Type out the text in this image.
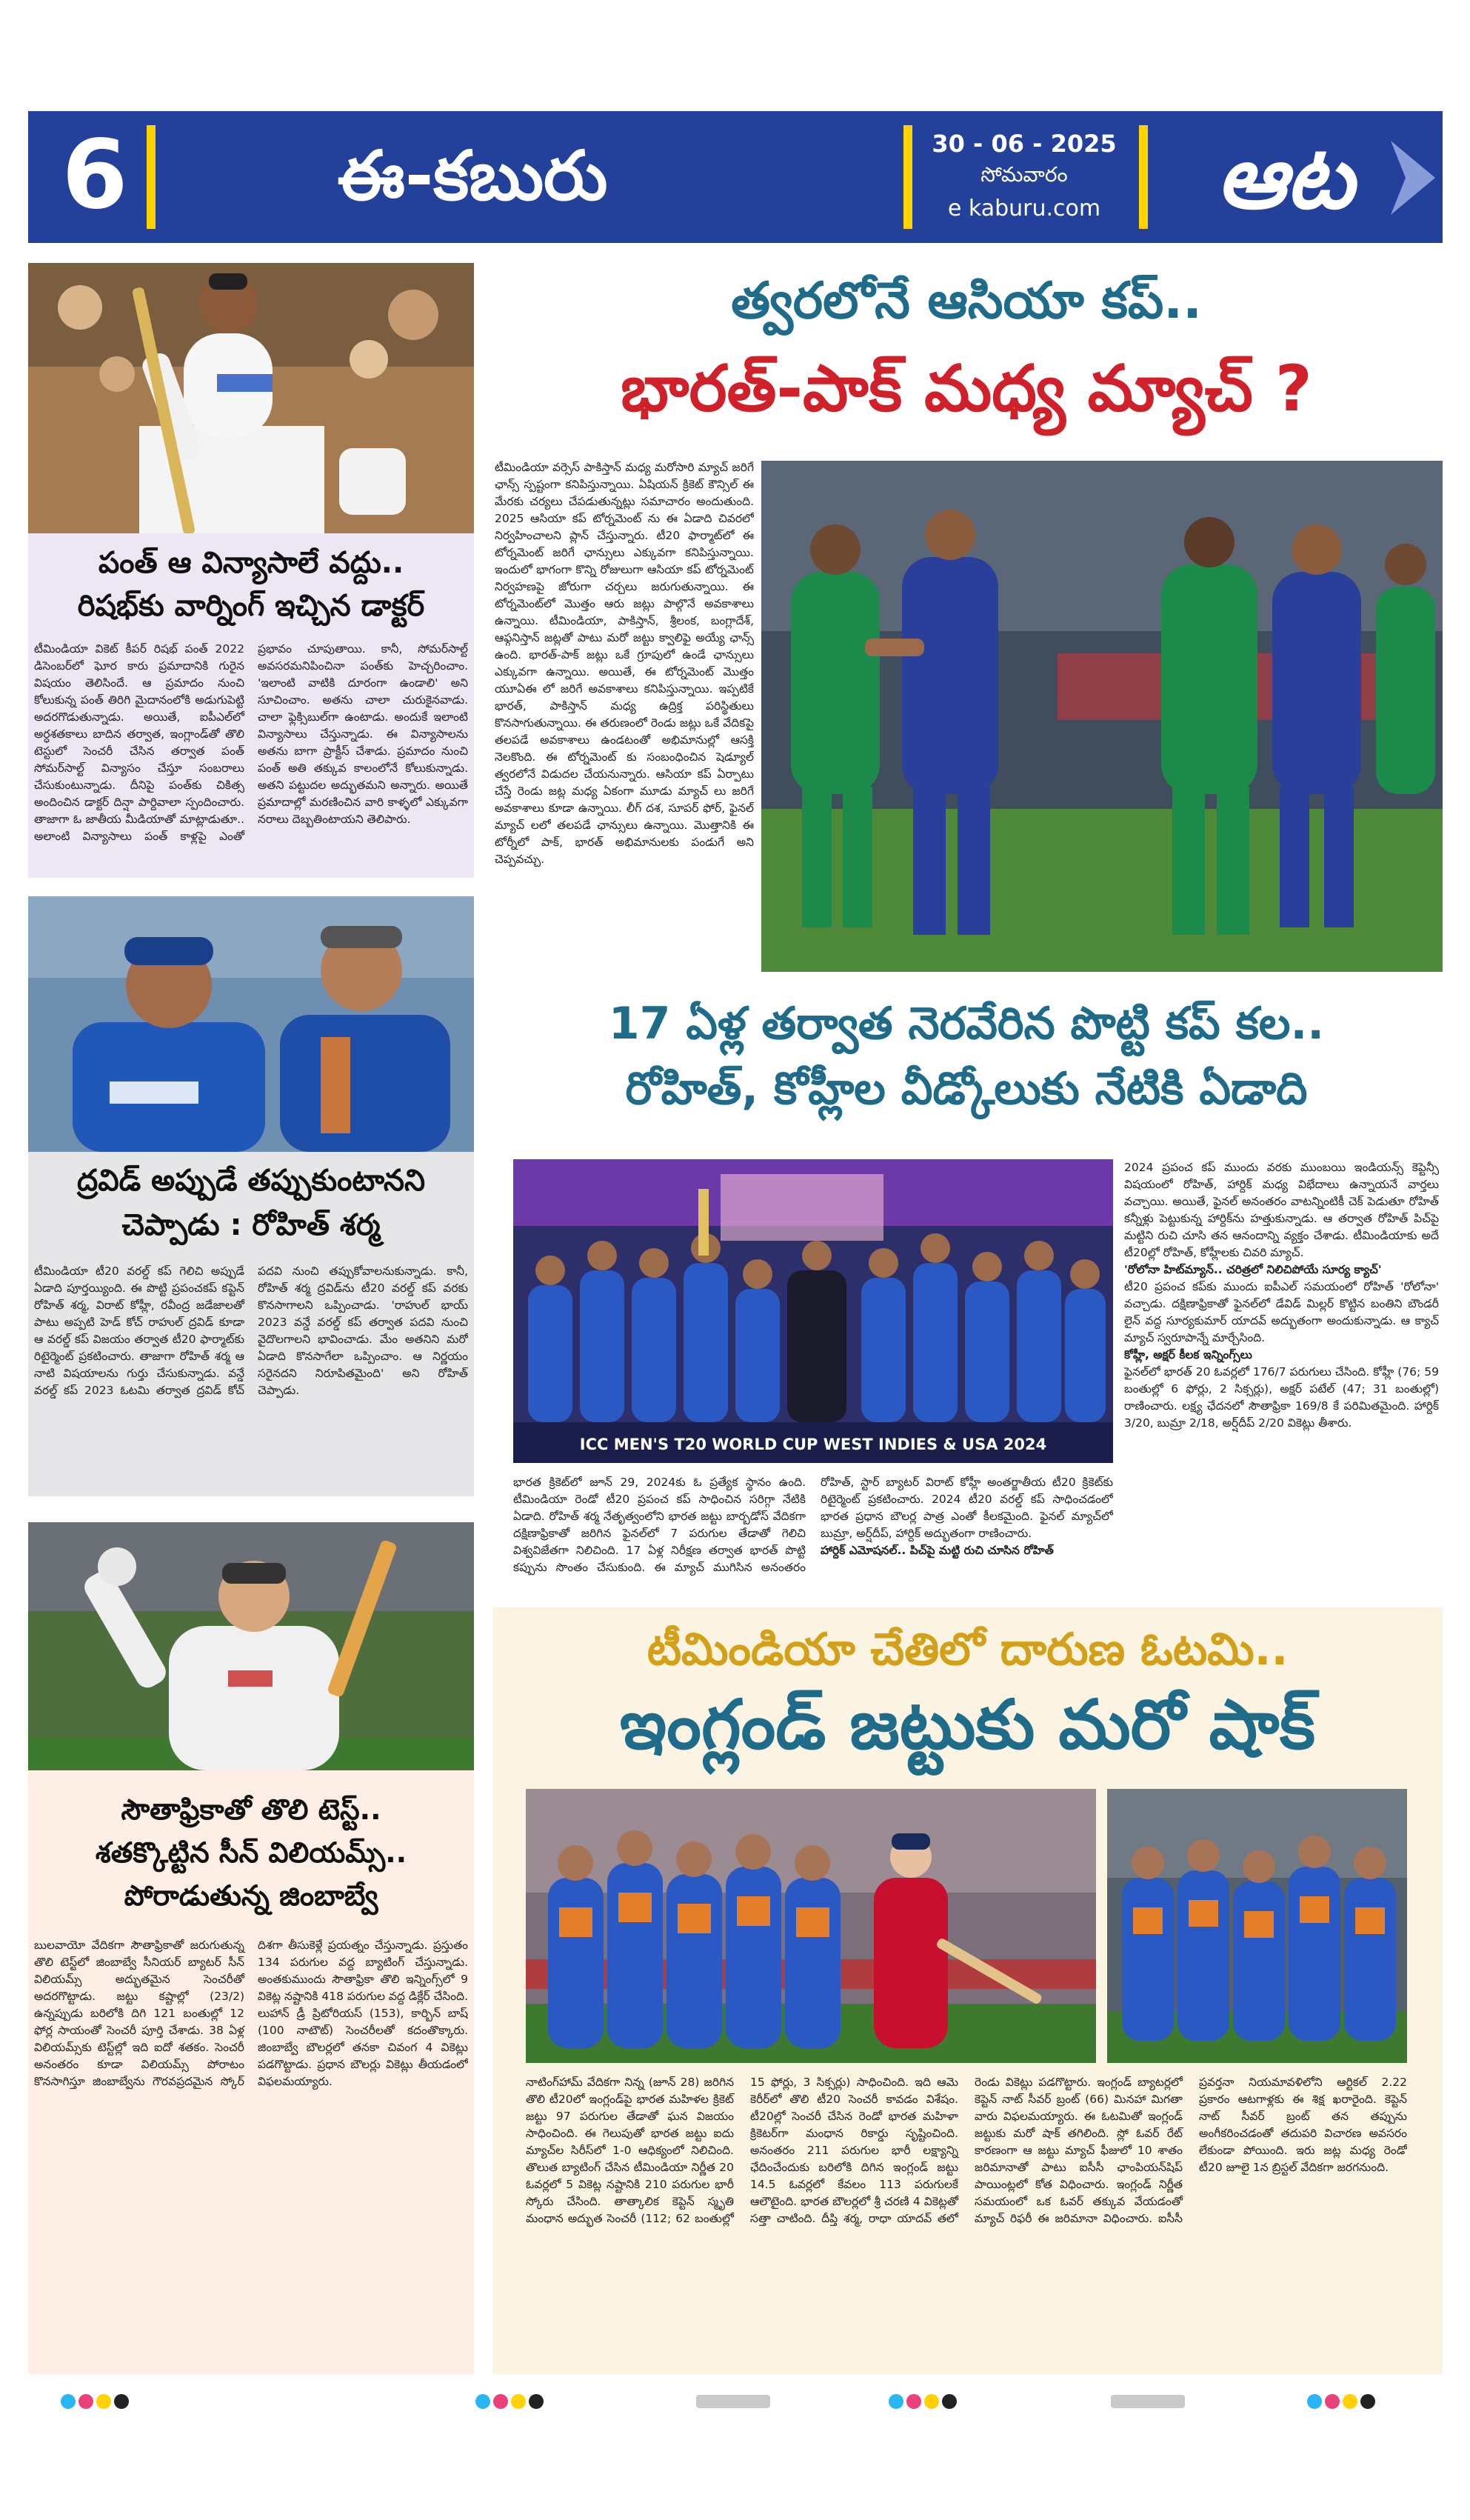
6	ఈ-కబురు	30 - 06 - 2025
సోమవారం
e kaburu.com	ఆట
పంత్ ఆ విన్యాసాలే వద్దు..
రిషభ్‌కు వార్నింగ్ ఇచ్చిన డాక్టర్
టీమిండియా వికెట్ కీపర్ రిషభ్ పంత్ 2022 డిసెంబర్‌లో ఘోర కారు ప్రమాదానికి గురైన విషయం తెలిసిందే. ఆ ప్రమాదం నుంచి కోలుకున్న పంత్ తిరిగి మైదానంలోకి అడుగుపెట్టి అదరగొడుతున్నాడు. అయితే, ఐపీఎల్‌లో అర్ధశతకాలు బాదిన తర్వాత, ఇంగ్లాండ్‌తో తొలి టెస్టులో సెంచరీ చేసిన తర్వాత పంత్ సోమర్‌సాల్ట్ విన్యాసం చేస్తూ సంబరాలు చేసుకుంటున్నాడు. దీనిపై పంత్‌కు చికిత్స అందించిన డాక్టర్ దిన్షా పార్దివాలా స్పందించారు. తాజాగా ఓ జాతీయ మీడియాతో మాట్లాడుతూ.. అలాంటి విన్యాసాలు పంత్ కాళ్లపై ఎంతో ప్రభావం చూపుతాయి. కానీ, సోమర్‌సాల్ట్ అవసరమనిపించినా పంత్‌కు హెచ్చరించాం. 'ఇలాంటి వాటికి దూరంగా ఉండాలి' అని సూచించాం. అతను చాలా చురుకైనవాడు. చాలా ఫ్లెక్సిబుల్‌గా ఉంటాడు. అందుకే ఇలాంటి విన్యాసాలు చేస్తున్నాడు. ఈ విన్యాసాలను అతను బాగా ప్రాక్టీస్ చేశాడు. ప్రమాదం నుంచి పంత్ అతి తక్కువ కాలంలోనే కోలుకున్నాడు. అతని పట్టుదల అద్భుతమని అన్నారు. అయితే ప్రమాదాల్లో మరణించిన వారి కాళ్ళలో ఎక్కువగా నరాలు దెబ్బతింటాయని తెలిపారు.
ద్రవిడ్ అప్పుడే తప్పుకుంటానని
చెప్పాడు : రోహిత్ శర్మ
టీమిండియా టీ20 వరల్డ్ కప్ గెలిచి అప్పుడే ఏడాది పూర్తయ్యింది. ఈ పొట్టి ప్రపంచకప్ కప్టెన్ రోహిత్ శర్మ, విరాట్ కోహ్లీ, రవీంద్ర జడేజాలతో పాటు అప్పటి హెడ్ కోచ్ రాహుల్ ద్రవిడ్ కూడా ఆ వరల్డ్ కప్ విజయం తర్వాత టీ20 ఫార్మాట్‌కు రిటైర్మెంట్ ప్రకటించారు. తాజాగా రోహిత్ శర్మ ఆ నాటి విషయాలను గుర్తు చేసుకున్నాడు. వన్డే వరల్డ్ కప్ 2023 ఓటమి తర్వాత ద్రవిడ్ కోచ్ పదవి నుంచి తప్పుకోవాలనుకున్నాడు. కానీ, రోహిత్ శర్మ ద్రవిడ్‌ను టీ20 వరల్డ్ కప్ వరకు కొనసాగాలని ఒప్పించాడు. 'రాహుల్ భాయ్ 2023 వన్డే వరల్డ్ కప్ తర్వాత పదవి నుంచి వైదొలగాలని భావించాడు. మేం అతనిని మరో ఏడాది కొనసాగేలా ఒప్పించాం. ఆ నిర్ణయం సరైనదని నిరూపితమైంది' అని రోహిత్ చెప్పాడు.
సౌతాఫ్రికాతో తొలి టెస్ట్..
శతక్కొట్టిన సీన్ విలియమ్స్..
పోరాడుతున్న జింబాబ్వే
బులవాయో వేదికగా సౌతాఫ్రికాతో జరుగుతున్న తొలి టెస్ట్‌లో జింబాబ్వే సీనియర్ బ్యాటర్ సీన్ విలియమ్స్ అద్భుతమైన సెంచరీతో అదరగొట్టాడు. జట్టు కష్టాల్లో (23/2) ఉన్నప్పుడు బరిలోకి దిగి 121 బంతుల్లో 12 ఫోర్ల సాయంతో సెంచరీ పూర్తి చేశాడు. 38 ఏళ్ల విలియమ్స్‌కు టెస్ట్‌ల్లో ఇది ఐదో శతకం. సెంచరీ అనంతరం కూడా విలియమ్స్ పోరాటం కొనసాగిస్తూ జింబాబ్వేను గౌరవప్రదమైన స్కోర్ దిశగా తీసుకెళ్లే ప్రయత్నం చేస్తున్నాడు. ప్రస్తుతం 134 పరుగుల వద్ద బ్యాటింగ్ చేస్తున్నాడు. అంతకుముందు సౌతాఫ్రికా తొలి ఇన్నింగ్స్‌లో 9 వికెట్ల నష్టానికి 418 పరుగుల వద్ద డిక్లేర్ చేసింది. లుహాన్ డ్రీ ప్రిటోరియస్ (153), కార్బిన్ బాష్ (100 నాటౌట్) సెంచరీలతో కదంతొక్కారు. జింబాబ్వే బౌలర్లలో తనకా చివంగ 4 వికెట్లు పడగొట్టాడు. ప్రధాన బౌలర్లు వికెట్లు తీయడంలో విఫలమయ్యారు.
త్వరలోనే ఆసియా కప్..
భారత్-పాక్ మధ్య మ్యాచ్ ?
టీమిండియా వర్సెస్ పాకిస్తాన్ మధ్య మరోసారి మ్యాచ్ జరిగే ఛాన్స్ స్పష్టంగా కనిపిస్తున్నాయి. ఏషియన్ క్రికెట్ కౌన్సిల్ ఈ మేరకు చర్యలు చేపడుతున్నట్లు సమాచారం అందుతుంది. 2025 ఆసియా కప్ టోర్నమెంట్ ను ఈ ఏడాది చివరలో నిర్వహించాలని ప్లాన్ చేస్తున్నారు. టీ20 ఫార్మాట్‌లో ఈ టోర్నమెంట్ జరిగే ఛాన్సులు ఎక్కువగా కనిపిస్తున్నాయి. ఇందులో భాగంగా కొన్ని రోజులుగా ఆసియా కప్ టోర్నమెంట్ నిర్వహణపై జోరుగా చర్చలు జరుగుతున్నాయి. ఈ టోర్నమెంట్‌లో మొత్తం ఆరు జట్లు పాల్గొనే అవకాశాలు ఉన్నాయి. టీమిండియా, పాకిస్తాన్, శ్రీలంక, బంగ్లాదేశ్, ఆఫ్గనిస్తాన్ జట్లతో పాటు మరో జట్టు క్వాలిఫై అయ్యే ఛాన్స్ ఉంది. భారత్-పాక్ జట్లు ఒకే గ్రూపులో ఉండే ఛాన్సులు ఎక్కువగా ఉన్నాయి. అయితే, ఈ టోర్నమెంట్ మొత్తం యూఏఈ లో జరిగే అవకాశాలు కనిపిస్తున్నాయి. ఇప్పటికే భారత్, పాకిస్తాన్ మధ్య ఉద్రిక్త పరిస్థితులు కొనసాగుతున్నాయి. ఈ తరుణంలో రెండు జట్లు ఒకే వేదికపై తలపడే అవకాశాలు ఉండటంతో అభిమానుల్లో ఆసక్తి నెలకొంది. ఈ టోర్నమెంట్ కు సంబంధించిన షెడ్యూల్ త్వరలోనే విడుదల చేయనున్నారు. ఆసియా కప్ ఏర్పాటు చేస్తే రెండు జట్ల మధ్య ఏకంగా మూడు మ్యాచ్ లు జరిగే అవకాశాలు కూడా ఉన్నాయి. లీగ్ దశ, సూపర్ ఫోర్, ఫైనల్ మ్యాచ్ లలో తలపడే ఛాన్సులు ఉన్నాయి. మొత్తానికి ఈ టోర్నీలో పాక్, భారత్ అభిమానులకు పండుగే అని చెప్పవచ్చు.
17 ఏళ్ల తర్వాత నెరవేరిన పొట్టి కప్ కల..
రోహిత్, కోహ్లీల వీడ్కోలుకు నేటికి ఏడాది
ICC MEN'S T20 WORLD CUP WEST INDIES & USA 2024
2024 ప్రపంచ కప్ ముందు వరకు ముంబయి ఇండియన్స్ కెప్టెన్సీ విషయంలో రోహిత్, హార్దిక్ మధ్య విభేదాలు ఉన్నాయనే వార్తలు వచ్చాయి. అయితే, ఫైనల్ అనంతరం వాటన్నింటికీ చెక్ పెడుతూ రోహిత్ కన్నీళ్లు పెట్టుకున్న హార్దిక్‌ను హత్తుకున్నాడు. ఆ తర్వాత రోహిత్ పిచ్‌పై మట్టిని రుచి చూసి తన ఆనందాన్ని వ్యక్తం చేశాడు. టీమిండియాకు అదే టీ20ల్లో రోహిత్, కోహ్లీలకు చివరి మ్యాచ్.
'రోలోనా హిట్‌మ్యాన్.. చరిత్రలో నిలిచిపోయే సూర్య క్యాచ్'
టీ20 ప్రపంచ కప్‌కు ముందు ఐపీఎల్ సమయంలో రోహిత్ 'రోలోనా' వచ్చాడు. దక్షిణాఫ్రికాతో ఫైనల్‌లో డేవిడ్ మిల్లర్ కొట్టిన బంతిని బౌండరీ లైన్ వద్ద సూర్యకుమార్ యాదవ్ అద్భుతంగా అందుకున్నాడు. ఆ క్యాచ్ మ్యాచ్ స్వరూపాన్నే మార్చేసింది.
కోహ్లీ, అక్షర్ కీలక ఇన్నింగ్స్‌లు
ఫైనల్‌లో భారత్ 20 ఓవర్లలో 176/7 పరుగులు చేసింది. కోహ్లీ (76; 59 బంతుల్లో 6 ఫోర్లు, 2 సిక్సర్లు), అక్షర్ పటేల్ (47; 31 బంతుల్లో) రాణించారు. లక్ష్య ఛేదనలో సౌతాఫ్రికా 169/8 కే పరిమితమైంది. హార్దిక్ 3/20, బుమ్రా 2/18, అర్ష్‌దీప్ 2/20 వికెట్లు తీశారు.
భారత క్రికెట్‌లో జూన్ 29, 2024కు ఓ ప్రత్యేక స్థానం ఉంది. టీమిండియా రెండో టీ20 ప్రపంచ కప్ సాధించిన సరిగ్గా నేటికి ఏడాది. రోహిత్ శర్మ నేతృత్వంలోని భారత జట్టు బార్బడోస్ వేదికగా దక్షిణాఫ్రికాతో జరిగిన ఫైనల్‌లో 7 పరుగుల తేడాతో గెలిచి విశ్వవిజేతగా నిలిచింది. 17 ఏళ్ల నిరీక్షణ తర్వాత భారత్ పొట్టి కప్పును సొంతం చేసుకుంది. ఈ మ్యాచ్ ముగిసిన అనంతరం రోహిత్, స్టార్ బ్యాటర్ విరాట్ కోహ్లీ అంతర్జాతీయ టీ20 క్రికెట్‌కు రిటైర్మెంట్ ప్రకటించారు. 2024 టీ20 వరల్డ్ కప్ సాధించడంలో భారత ప్రధాన బౌలర్ల పాత్ర ఎంతో కీలకమైంది. ఫైనల్ మ్యాచ్‌లో బుమ్రా, అర్ష్‌దీప్, హార్దిక్ అద్భుతంగా రాణించారు.
హార్దిక్ ఎమోషనల్.. పిచ్‌పై మట్టి రుచి చూసిన రోహిత్
టీమిండియా చేతిలో దారుణ ఓటమి..
ఇంగ్లండ్ జట్టుకు మరో షాక్
నాటింగ్‌హామ్ వేదికగా నిన్న (జూన్ 28) జరిగిన తొలి టీ20లో ఇంగ్లండ్‌పై భారత మహిళల క్రికెట్ జట్టు 97 పరుగుల తేడాతో ఘన విజయం సాధించింది. ఈ గెలుపుతో భారత జట్టు ఐదు మ్యాచ్‌ల సిరీస్‌లో 1-0 ఆధిక్యంలో నిలిచింది. తొలుత బ్యాటింగ్ చేసిన టీమిండియా నిర్ణీత 20 ఓవర్లలో 5 వికెట్ల నష్టానికి 210 పరుగుల భారీ స్కోరు చేసింది. తాత్కాలిక కెప్టెన్ స్మృతి మంధాన అద్భుత సెంచరీ (112; 62 బంతుల్లో 15 ఫోర్లు, 3 సిక్సర్లు) సాధించింది. ఇది ఆమె కెరీర్‌లో తొలి టీ20 సెంచరీ కావడం విశేషం. టీ20ల్లో సెంచరీ చేసిన రెండో భారత మహిళా క్రికెటర్‌గా మంధాన రికార్డు సృష్టించింది. అనంతరం 211 పరుగుల భారీ లక్ష్యాన్ని ఛేదించేందుకు బరిలోకి దిగిన ఇంగ్లండ్ జట్టు 14.5 ఓవర్లలో కేవలం 113 పరుగులకే ఆలౌటైంది. భారత బౌలర్లలో శ్రీ చరణి 4 వికెట్లతో సత్తా చాటింది. దీప్తి శర్మ, రాధా యాదవ్ తలో రెండు వికెట్లు పడగొట్టారు. ఇంగ్లండ్ బ్యాటర్లలో కెప్టెన్ నాట్ సీవర్ బ్రంట్ (66) మినహా మిగతా వారు విఫలమయ్యారు. ఈ ఓటమితో ఇంగ్లండ్ జట్టుకు మరో షాక్ తగిలింది. స్లో ఓవర్ రేట్ కారణంగా ఆ జట్టు మ్యాచ్ ఫీజులో 10 శాతం జరిమానాతో పాటు ఐసీసీ ఛాంపియన్‌షిప్ పాయింట్లలో కోత విధించారు. ఇంగ్లండ్ నిర్ణీత సమయంలో ఒక ఓవర్ తక్కువ వేయడంతో మ్యాచ్ రిఫరీ ఈ జరిమానా విధించారు. ఐసీసీ ప్రవర్తనా నియమావళిలోని ఆర్టికల్ 2.22 ప్రకారం ఆటగాళ్లకు ఈ శిక్ష ఖరారైంది. కెప్టెన్ నాట్ సీవర్ బ్రంట్ తన తప్పును అంగీకరించడంతో తదుపరి విచారణ అవసరం లేకుండా పోయింది. ఇరు జట్ల మధ్య రెండో టీ20 జూలై 1న బ్రిస్టల్ వేదికగా జరగనుంది.
